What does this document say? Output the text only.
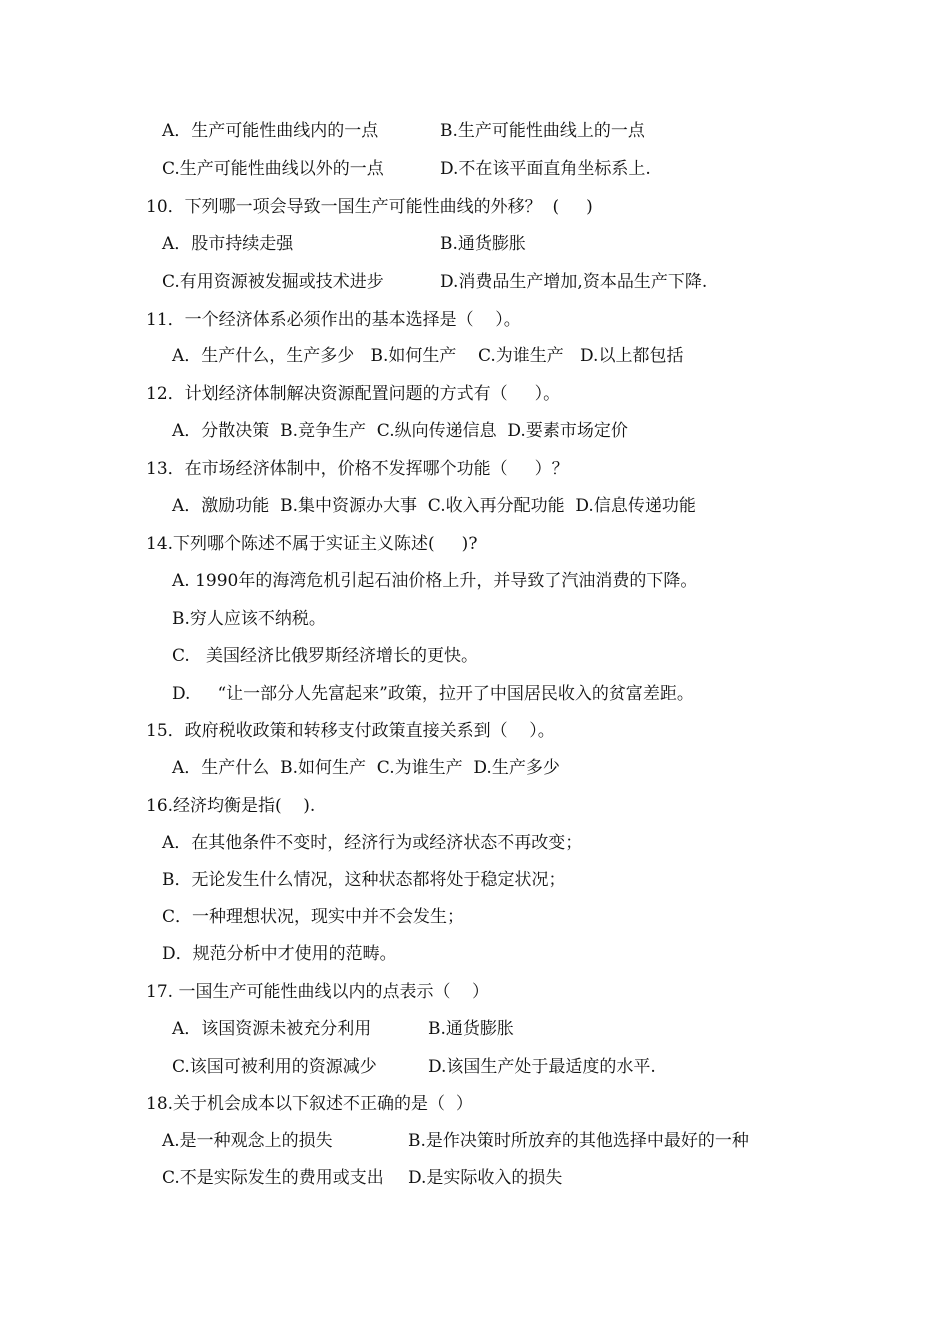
A．生产可能性曲线内的一点	B.生产可能性曲线上的一点
C.生产可能性曲线以外的一点	D.不在该平面直角坐标系上.
10．下列哪一项会导致一国生产可能性曲线的外移？  (     )
A．股市持续走强	B.通货膨胀
C.有用资源被发掘或技术进步	D.消费品生产增加,资本品生产下降.
11．一个经济体系必须作出的基本选择是（    ）。
A．生产什么，生产多少   B.如何生产    C.为谁生产   D.以上都包括
12．计划经济体制解决资源配置问题的方式有（     ）。
A．分散决策  B.竞争生产  C.纵向传递信息  D.要素市场定价
13．在市场经济体制中，价格不发挥哪个功能（     ）？
A．激励功能  B.集中资源办大事  C.收入再分配功能  D.信息传递功能
14.下列哪个陈述不属于实证主义陈述(     )?
A. 1990年的海湾危机引起石油价格上升，并导致了汽油消费的下降。
B.穷人应该不纳税。
C.   美国经济比俄罗斯经济增长的更快。
D.     “让一部分人先富起来”政策，拉开了中国居民收入的贫富差距。
15．政府税收政策和转移支付政策直接关系到（    ）。
A．生产什么  B.如何生产  C.为谁生产  D.生产多少
16.经济均衡是指(    ).
A．在其他条件不变时，经济行为或经济状态不再改变；
B．无论发生什么情况，这种状态都将处于稳定状况；
C．一种理想状况，现实中并不会发生；
D．规范分析中才使用的范畴。
17. 一国生产可能性曲线以内的点表示（    ）
A．该国资源未被充分利用	B.通货膨胀
C.该国可被利用的资源减少	D.该国生产处于最适度的水平.
18.关于机会成本以下叙述不正确的是（  ）
A.是一种观念上的损失	B.是作决策时所放弃的其他选择中最好的一种
C.不是实际发生的费用或支出 D.是实际收入的损失
